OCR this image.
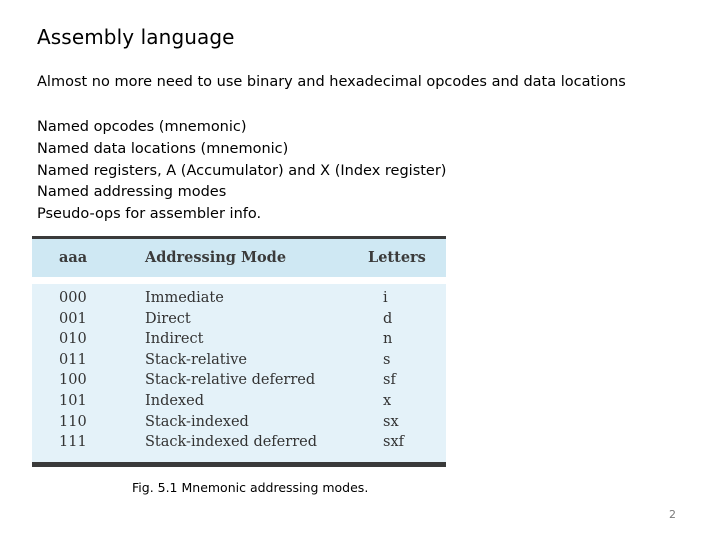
Assembly language
Almost no more need to use binary and hexadecimal opcodes and data locations
Named opcodes (mnemonic)
Named data locations (mnemonic)
Named registers, A (Accumulator) and X (Index register)
Named addressing modes
Pseudo-ops for assembler info.
aaa	Addressing Mode	Letters
000	Immediate	i
001	Direct	d
010	Indirect	n
011	Stack-relative	s
100	Stack-relative deferred	sf
101	Indexed	x
110	Stack-indexed	sx
111	Stack-indexed deferred	sxf
Fig. 5.1 Mnemonic addressing modes.
2
